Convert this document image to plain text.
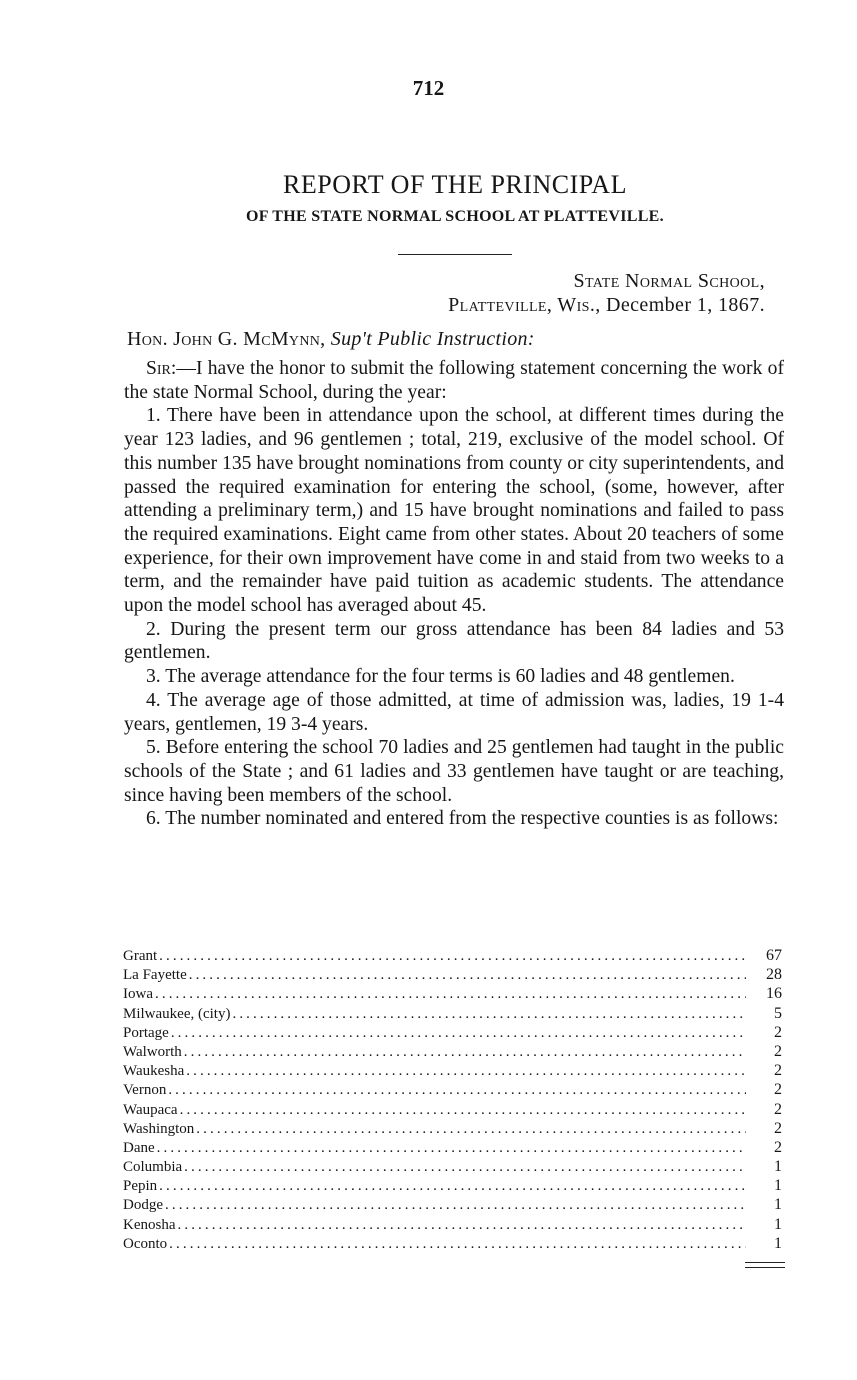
712
REPORT OF THE PRINCIPAL
OF THE STATE NORMAL SCHOOL AT PLATTEVILLE.
State Normal School,
Platteville, Wis., December 1, 1867.
Hon. John G. McMynn, Sup't Public Instruction:

Sir:—I have the honor to submit the following statement concerning the work of the state Normal School, during the year:

1. There have been in attendance upon the school, at different times during the year 123 ladies, and 96 gentlemen ; total, 219, exclusive of the model school. Of this number 135 have brought nominations from county or city superintendents, and passed the required examination for entering the school, (some, however, after attending a preliminary term,) and 15 have brought nominations and failed to pass the required examinations. Eight came from other states. About 20 teachers of some experience, for their own improvement have come in and staid from two weeks to a term, and the remainder have paid tuition as academic students. The attendance upon the model school has averaged about 45.

2. During the present term our gross attendance has been 84 ladies and 53 gentlemen.

3. The average attendance for the four terms is 60 ladies and 48 gentlemen.

4. The average age of those admitted, at time of admission was, ladies, 19 1-4 years, gentlemen, 19 3-4 years.

5. Before entering the school 70 ladies and 25 gentlemen had taught in the public schools of the State ; and 61 ladies and 33 gentlemen have taught or are teaching, since having been members of the school.

6. The number nominated and entered from the respective counties is as follows:

Grant .....	67
La Fayette .....	28
Iowa .....	16
Milwaukee, (city) .....	5
Portage .....	2
Walworth .....	2
Waukesha .....	2
Vernon .....	2
Waupaca .....	2
Washington .....	2
Dane .....	2
Columbia .....	1
Pepin .....	1
Dodge .....	1
Kenosha .....	1
Oconto .....	1
